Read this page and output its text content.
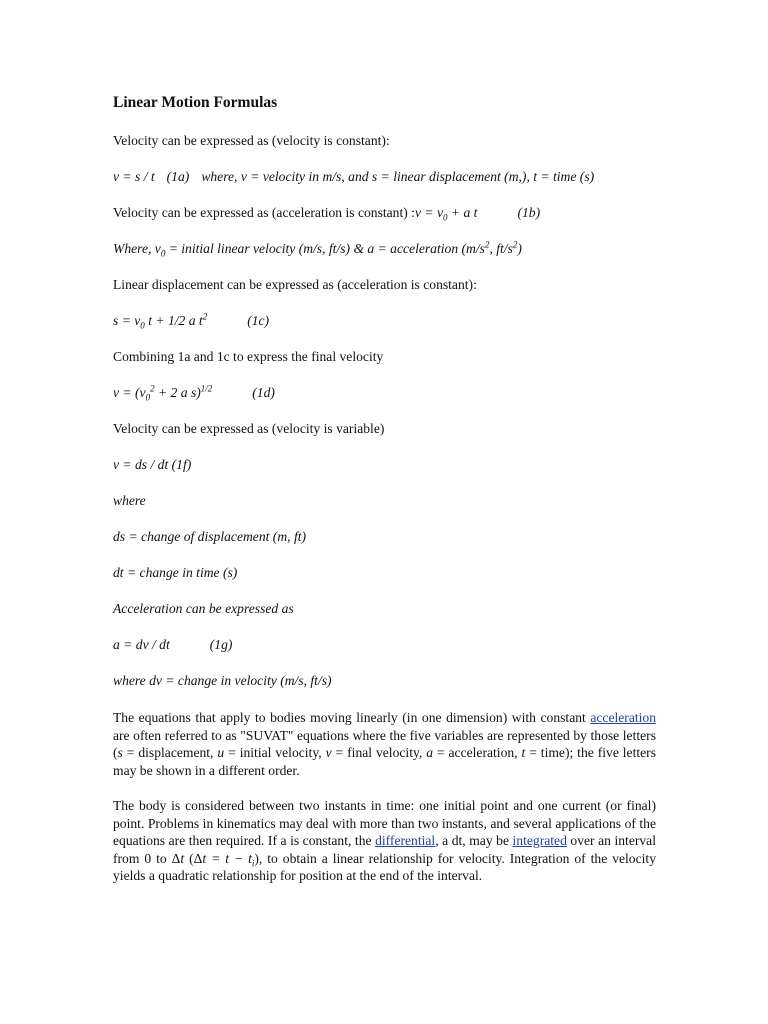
Linear Motion Formulas
Velocity can be expressed as (velocity is constant):
v = s / t (1a) where, v = velocity in m/s, and s = linear displacement (m,), t = time (s)
Velocity can be expressed as (acceleration is constant) :v = $v_0 + a$ t	(1b)
Where, $v_0$ = initial linear velocity (m/s, ft/s) & a = acceleration ($m/s^2$, $ft/s^2$)
Linear displacement can be expressed as (acceleration is constant):
$s = v_0$ t + 1/2 a $t^2$	(1c)
Combining 1a and 1c to express the final velocity
$v = (v_0^2 + 2$ a s)$^{1/2}$	(1d)
Velocity can be expressed as (velocity is variable)
v = ds / dt (1f)
where
ds = change of displacement (m, ft)
dt = change in time (s)
Acceleration can be expressed as
a = dv / dt	(1g)
where dv = change in velocity (m/s, ft/s)
The equations that apply to bodies moving linearly (in one dimension) with constant acceleration are often referred to as "SUVAT" equations where the five variables are represented by those letters (s = displacement, u = initial velocity, v = final velocity, a = acceleration, t = time); the five letters may be shown in a different order.
The body is considered between two instants in time: one initial point and one current (or final) point. Problems in kinematics may deal with more than two instants, and several applications of the equations are then required. If a is constant, the differential, a dt, may be integrated over an interval from 0 to Δt $(\Delta t = t - t_i)$, to obtain a linear relationship for velocity. Integration of the velocity yields a quadratic relationship for position at the end of the interval.
